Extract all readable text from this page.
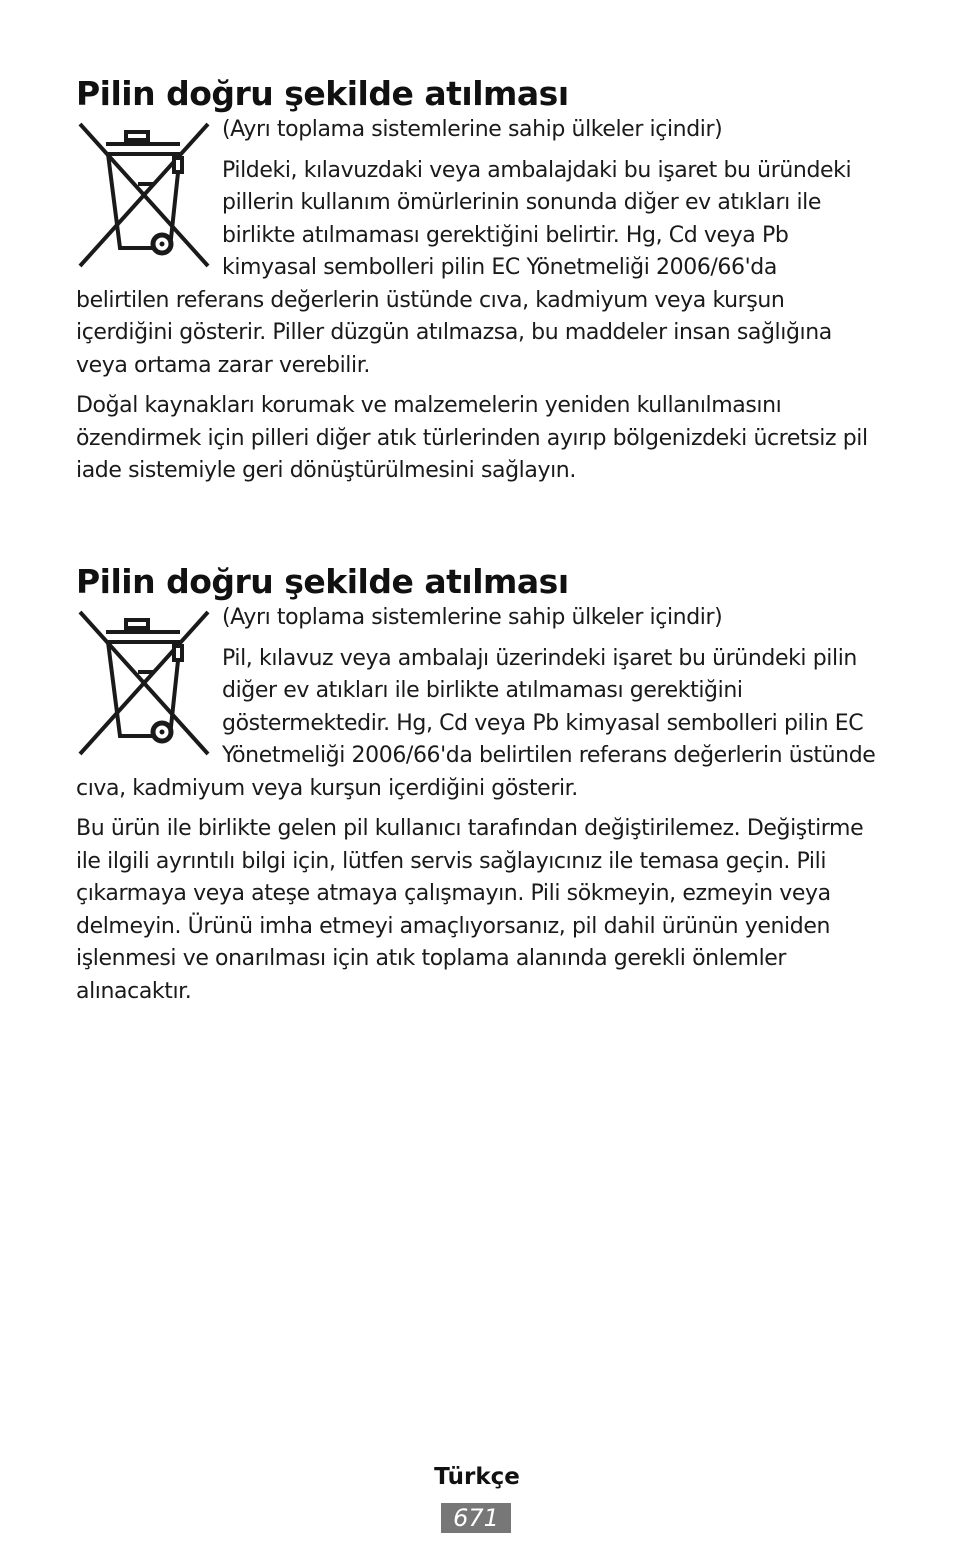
Pilin doğru şekilde atılması

(Ayrı toplama sistemlerine sahip ülkeler içindir)

Pildeki, kılavuzdaki veya ambalajdaki bu işaret bu üründeki pillerin kullanım ömürlerinin sonunda diğer ev atıkları ile birlikte atılmaması gerektiğini belirtir. Hg, Cd veya Pb kimyasal sembolleri pilin EC Yönetmeliği 2006/66'da belirtilen referans değerlerin üstünde cıva, kadmiyum veya kurşun içerdiğini gösterir. Piller düzgün atılmazsa, bu maddeler insan sağlığına veya ortama zarar verebilir.

Doğal kaynakları korumak ve malzemelerin yeniden kullanılmasını özendirmek için pilleri diğer atık türlerinden ayırıp bölgenizdeki ücretsiz pil iade sistemiyle geri dönüştürülmesini sağlayın.

Pilin doğru şekilde atılması

(Ayrı toplama sistemlerine sahip ülkeler içindir)

Pil, kılavuz veya ambalajı üzerindeki işaret bu üründeki pilin diğer ev atıkları ile birlikte atılmaması gerektiğini göstermektedir. Hg, Cd veya Pb kimyasal sembolleri pilin EC Yönetmeliği 2006/66'da belirtilen referans değerlerin üstünde cıva, kadmiyum veya kurşun içerdiğini gösterir.

Bu ürün ile birlikte gelen pil kullanıcı tarafından değiştirilemez. Değiştirme ile ilgili ayrıntılı bilgi için, lütfen servis sağlayıcınız ile temasa geçin. Pili çıkarmaya veya ateşe atmaya çalışmayın. Pili sökmeyin, ezmeyin veya delmeyin. Ürünü imha etmeyi amaçlıyorsanız, pil dahil ürünün yeniden işlenmesi ve onarılması için atık toplama alanında gerekli önlemler alınacaktır.

Türkçe
671
